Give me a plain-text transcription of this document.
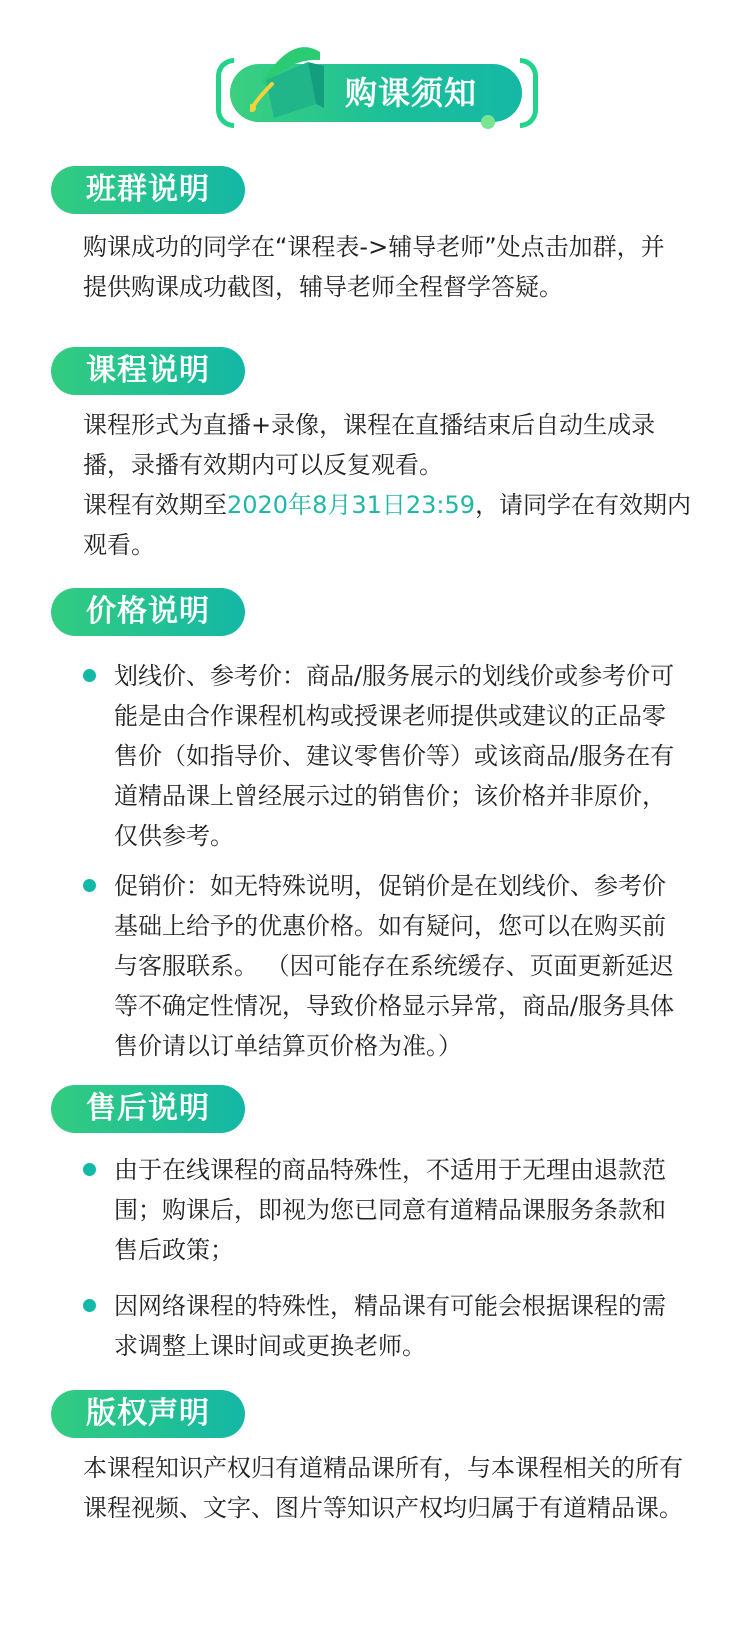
购课须知
班群说明
购课成功的同学在“课程表->辅导老师”处点击加群，并
提供购课成功截图，辅导老师全程督学答疑。
课程说明
课程形式为直播+录像，课程在直播结束后自动生成录
播，录播有效期内可以反复观看。
课程有效期至2020年8月31日23:59，请同学在有效期内
观看。
价格说明
划线价、参考价：商品/服务展示的划线价或参考价可
能是由合作课程机构或授课老师提供或建议的正品零
售价（如指导价、建议零售价等）或该商品/服务在有
道精品课上曾经展示过的销售价；该价格并非原价，
仅供参考。
促销价：如无特殊说明，促销价是在划线价、参考价
基础上给予的优惠价格。如有疑问，您可以在购买前
与客服联系。 （因可能存在系统缓存、页面更新延迟
等不确定性情况，导致价格显示异常，商品/服务具体
售价请以订单结算页价格为准。）
售后说明
由于在线课程的商品特殊性，不适用于无理由退款范
围；购课后，即视为您已同意有道精品课服务条款和
售后政策；
因网络课程的特殊性，精品课有可能会根据课程的需
求调整上课时间或更换老师。
版权声明
本课程知识产权归有道精品课所有，与本课程相关的所有
课程视频、文字、图片等知识产权均归属于有道精品课。
